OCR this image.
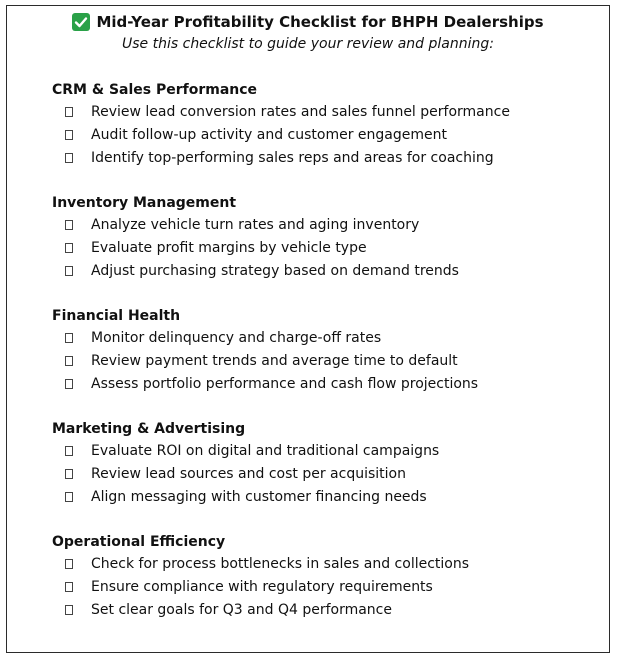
Mid-Year Profitability Checklist for BHPH Dealerships
Use this checklist to guide your review and planning:
CRM & Sales Performance
Review lead conversion rates and sales funnel performance
Audit follow-up activity and customer engagement
Identify top-performing sales reps and areas for coaching
Inventory Management
Analyze vehicle turn rates and aging inventory
Evaluate profit margins by vehicle type
Adjust purchasing strategy based on demand trends
Financial Health
Monitor delinquency and charge-off rates
Review payment trends and average time to default
Assess portfolio performance and cash flow projections
Marketing & Advertising
Evaluate ROI on digital and traditional campaigns
Review lead sources and cost per acquisition
Align messaging with customer financing needs
Operational Efficiency
Check for process bottlenecks in sales and collections
Ensure compliance with regulatory requirements
Set clear goals for Q3 and Q4 performance
